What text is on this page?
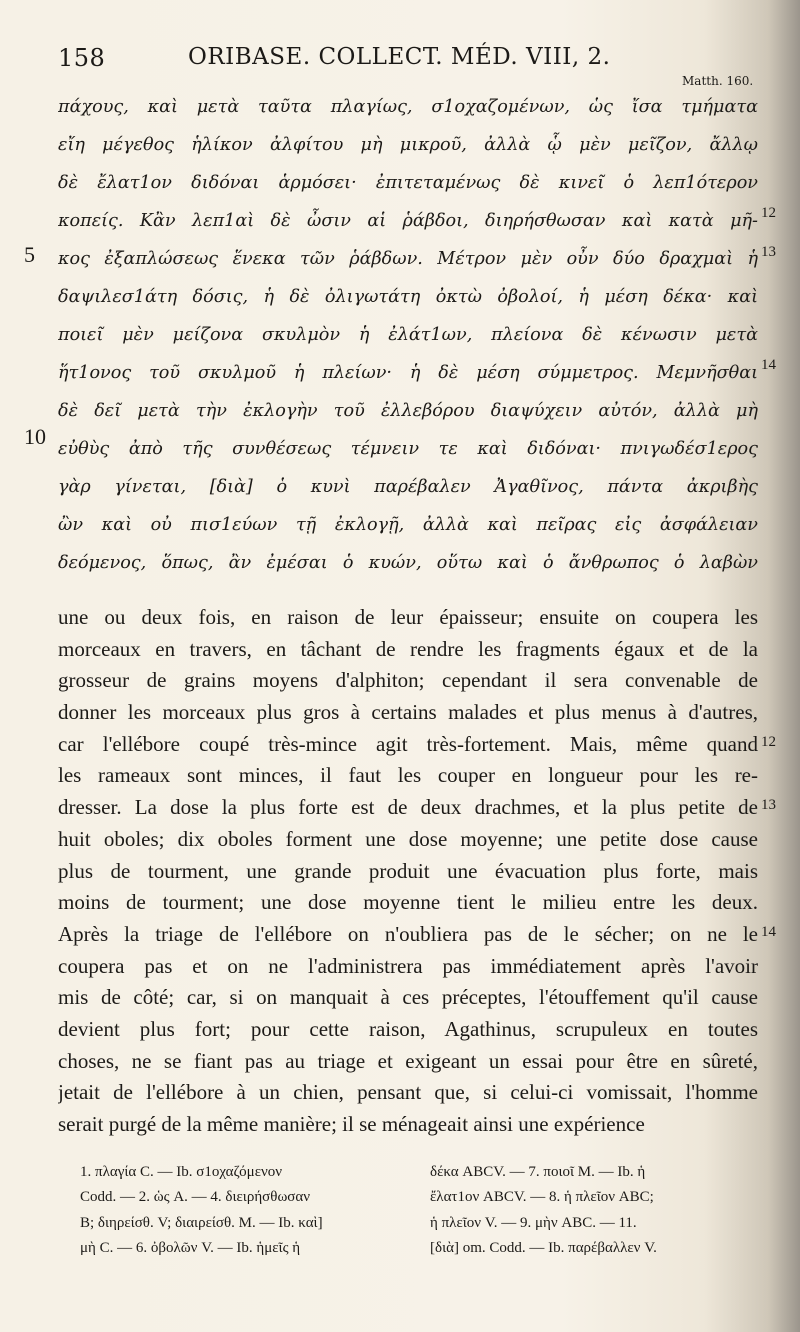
158	ORIBASE. COLLECT. MÉD. VIII, 2.
Matth. 160.
πάχους, καὶ μετὰ ταῦτα πλαγίως, σ1οχαζομένων, ὡς ἴσα τμήματα
εἴη μέγεθος ἡλίκον ἀλφίτου μὴ μικροῦ, ἀλλὰ ᾧ μὲν μεῖζον, ἄλλῳ
δὲ ἔλατ1ον διδόναι ἁρμόσει· ἐπιτεταμένως δὲ κινεῖ ὁ λεπ1ότερον
κοπείς. Κἂν λεπ1αὶ δὲ ὦσιν αἱ ῥάβδοι, διηρήσθωσαν καὶ κατὰ μῆ-
κος ἐξαπλώσεως ἕνεκα τῶν ῥάβδων. Μέτρον μὲν οὖν δύο δραχμαὶ ἡ
δαψιλεσ1άτη δόσις, ἡ δὲ ὀλιγωτάτη ὀκτὼ ὀβολοί, ἡ μέση δέκα· καὶ
ποιεῖ μὲν μείζονα σκυλμὸν ἡ ἐλάτ1ων, πλείονα δὲ κένωσιν μετὰ
ἥτ1ονος τοῦ σκυλμοῦ ἡ πλείων· ἡ δὲ μέση σύμμετρος. Μεμνῆσθαι
δὲ δεῖ μετὰ τὴν ἐκλογὴν τοῦ ἐλλεβόρου διαψύχειν αὐτόν, ἀλλὰ μὴ
εὐθὺς ἀπὸ τῆς συνθέσεως τέμνειν τε καὶ διδόναι· πνιγωδέσ1ερος
γὰρ γίνεται, [διὰ] ὁ κυνὶ παρέβαλεν Ἀγαθῖνος, πάντα ἀκριβὴς
ὢν καὶ οὐ πισ1εύων τῇ ἐκλογῇ, ἀλλὰ καὶ πεῖρας εἰς ἀσφάλειαν
δεόμενος, ὅπως, ἂν ἐμέσαι ὁ κυών, οὕτω καὶ ὁ ἄνθρωπος ὁ λαβὼν
5
10
12
13
14
une ou deux fois, en raison de leur épaisseur; ensuite on coupera les
morceaux en travers, en tâchant de rendre les fragments égaux et de la
grosseur de grains moyens d'alphiton; cependant il sera convenable de
donner les morceaux plus gros à certains malades et plus menus à d'autres,
car l'ellébore coupé très-mince agit très-fortement. Mais, même quand
les rameaux sont minces, il faut les couper en longueur pour les re-
dresser. La dose la plus forte est de deux drachmes, et la plus petite de
huit oboles; dix oboles forment une dose moyenne; une petite dose cause
plus de tourment, une grande produit une évacuation plus forte, mais
moins de tourment; une dose moyenne tient le milieu entre les deux.
Après la triage de l'ellébore on n'oubliera pas de le sécher; on ne le
coupera pas et on ne l'administrera pas immédiatement après l'avoir
mis de côté; car, si on manquait à ces préceptes, l'étouffement qu'il cause
devient plus fort; pour cette raison, Agathinus, scrupuleux en toutes
choses, ne se fiant pas au triage et exigeant un essai pour être en sûreté,
jetait de l'ellébore à un chien, pensant que, si celui-ci vomissait, l'homme
serait purgé de la même manière; il se ménageait ainsi une expérience
12
13
14
1. πλαγία C. — Ib. σ1οχαζόμενον
Codd. — 2. ὡς A. — 4. διειρήσθωσαν
B; διηρείσθ. V; διαιρείσθ. M. — Ib. καὶ]
μὴ C. — 6. ὀβολῶν V. — Ib. ἡμεῖς ἡ
δέκα ABCV. — 7. ποιοῖ M. — Ib. ἡ
ἔλατ1ον ABCV. — 8. ἡ πλεῖον ABC;
ἡ πλεῖον V. — 9. μὴν ABC. — 11.
[διὰ] om. Codd. — Ib. παρέβαλλεν V.
